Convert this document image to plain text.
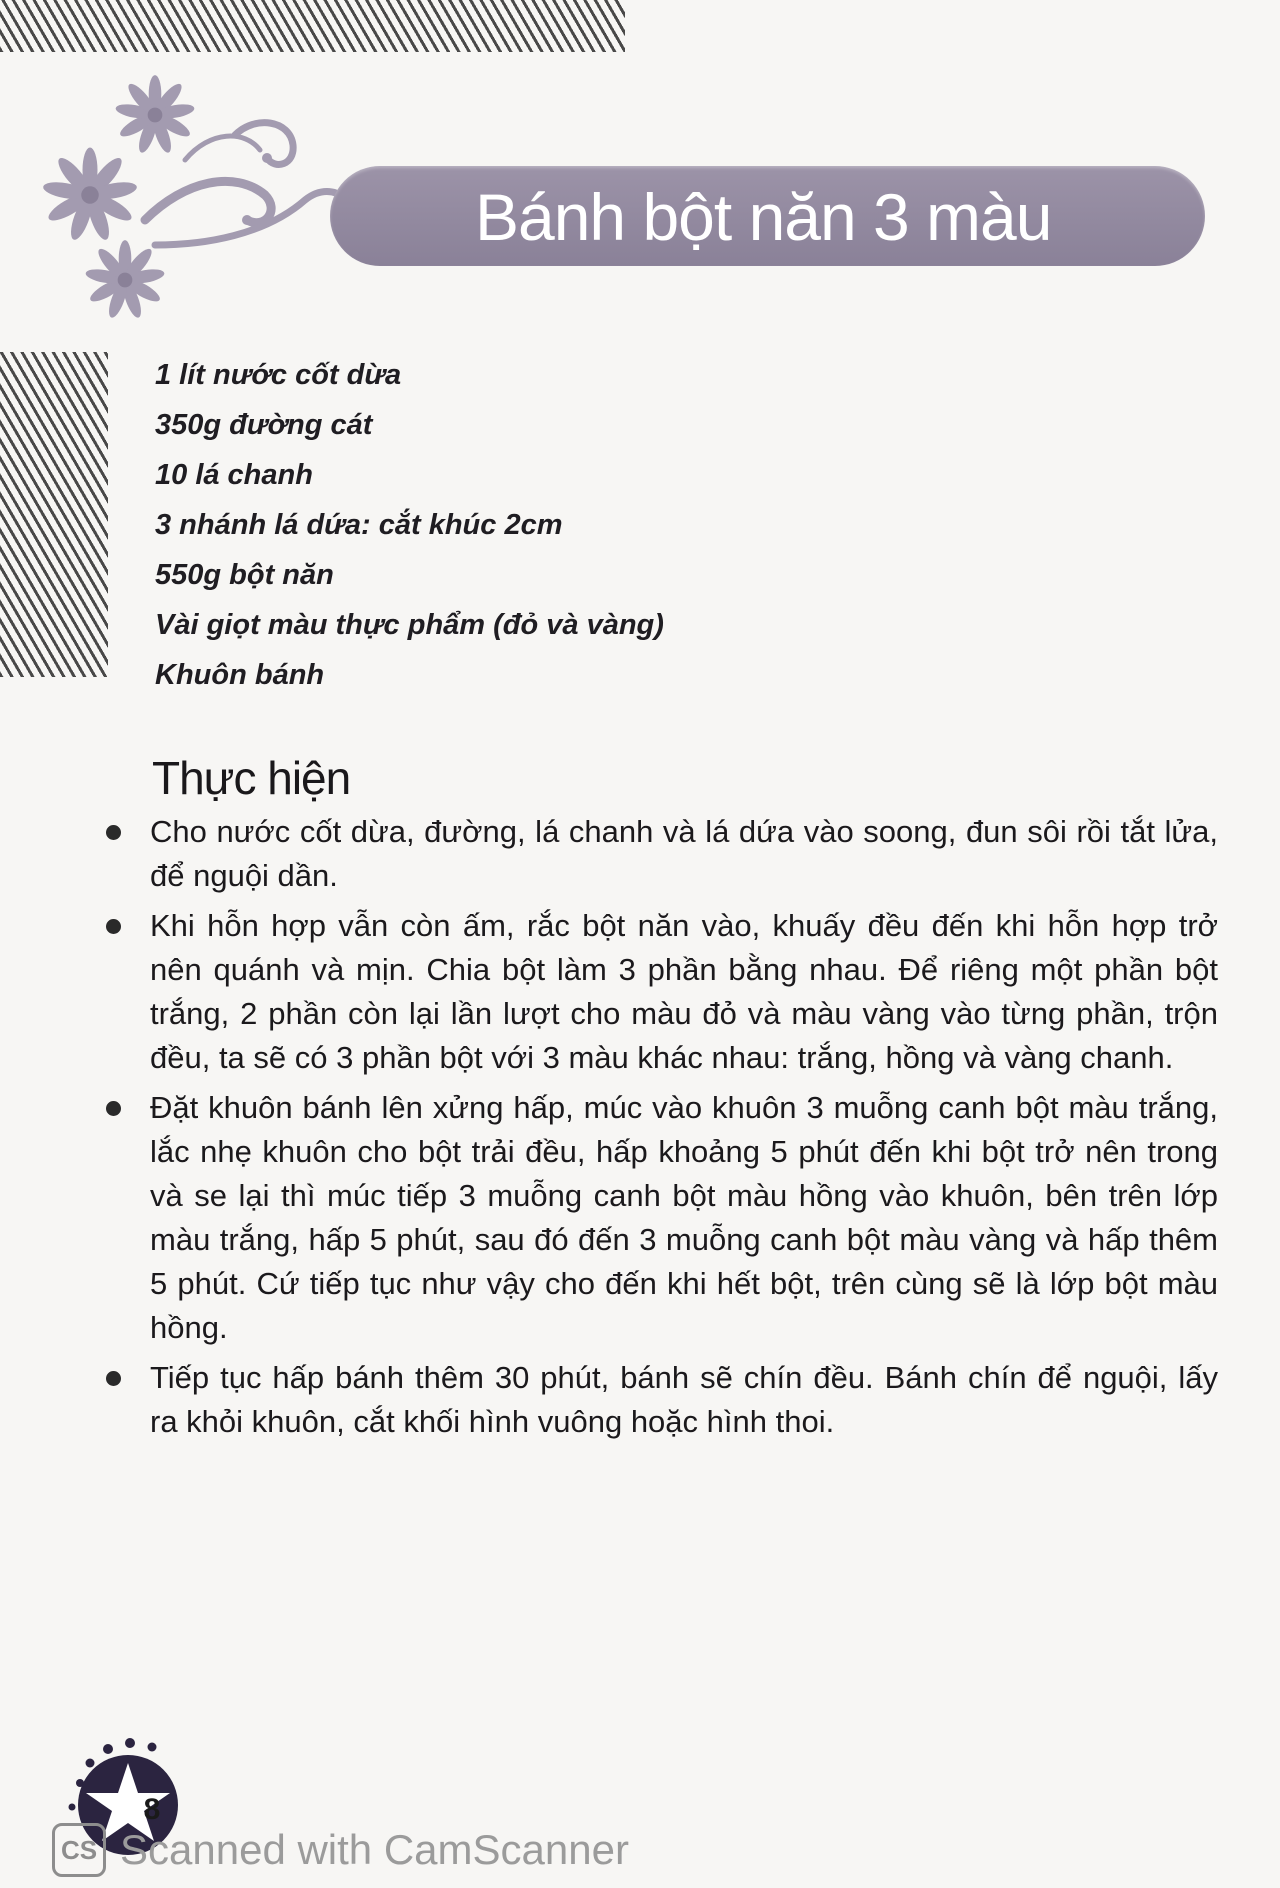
Bánh bột năn 3 màu
1 lít nước cốt dừa
350g đường cát
10 lá chanh
3 nhánh lá dứa: cắt khúc 2cm
550g bột năn
Vài giọt màu thực phẩm (đỏ và vàng)
Khuôn bánh
Thực hiện
Cho nước cốt dừa, đường, lá chanh và lá dứa vào soong, đun sôi rồi tắt lửa, để nguội dần.
Khi hỗn hợp vẫn còn ấm, rắc bột năn vào, khuấy đều đến khi hỗn hợp trở nên quánh và mịn. Chia bột làm 3 phần bằng nhau. Để riêng một phần bột trắng, 2 phần còn lại lần lượt cho màu đỏ và màu vàng vào từng phần, trộn đều, ta sẽ có 3 phần bột với 3 màu khác nhau: trắng, hồng và vàng chanh.
Đặt khuôn bánh lên xửng hấp, múc vào khuôn 3 muỗng canh bột màu trắng, lắc nhẹ khuôn cho bột trải đều, hấp khoảng 5 phút đến khi bột trở nên trong và se lại thì múc tiếp 3 muỗng canh bột màu hồng vào khuôn, bên trên lớp màu trắng, hấp 5 phút, sau đó đến 3 muỗng canh bột màu vàng và hấp thêm 5 phút. Cứ tiếp tục như vậy cho đến khi hết bột, trên cùng sẽ là lớp bột màu hồng.
Tiếp tục hấp bánh thêm 30 phút, bánh sẽ chín đều. Bánh chín để nguội, lấy ra khỏi khuôn, cắt khối hình vuông hoặc hình thoi.
8
CS Scanned with CamScanner
